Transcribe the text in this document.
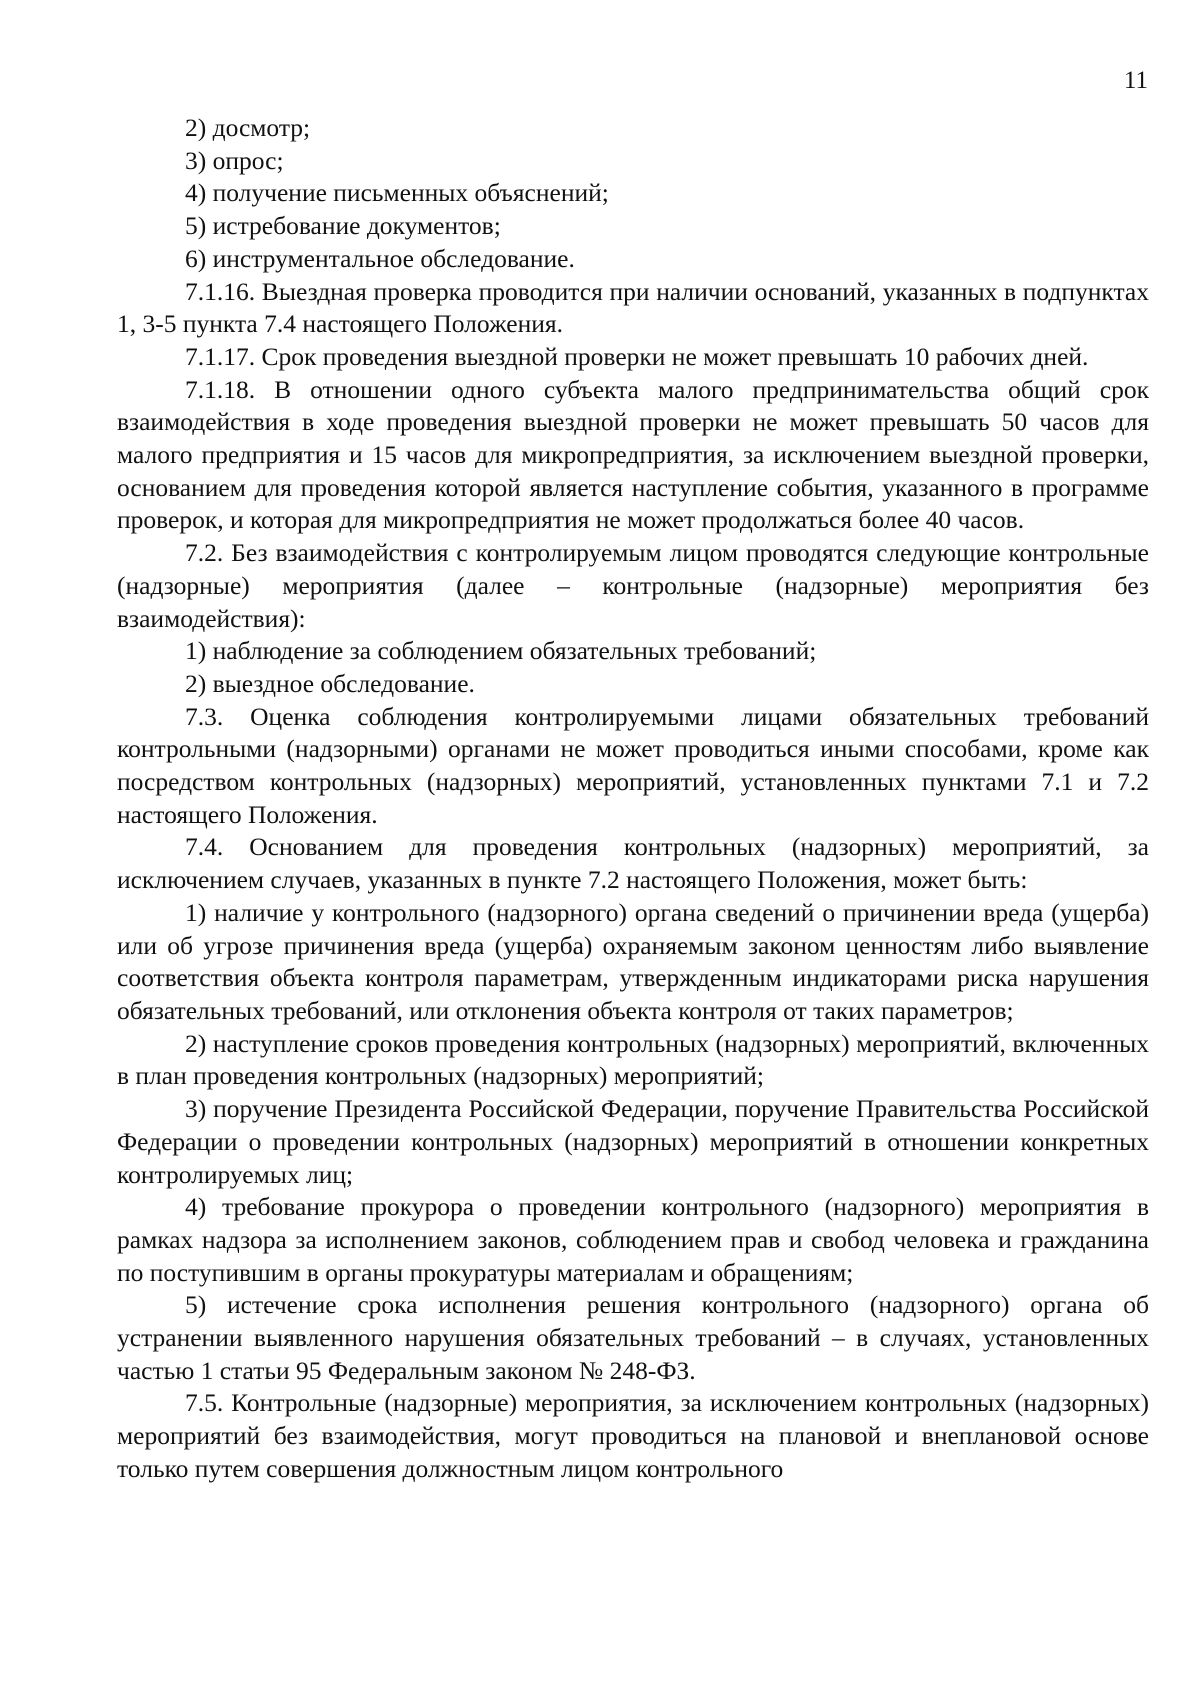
11

2) досмотр;

3) опрос;

4) получение письменных объяснений;

5) истребование документов;

6) инструментальное обследование.

7.1.16. Выездная проверка проводится при наличии оснований, указанных в подпунктах 1, 3-5 пункта 7.4 настоящего Положения.

7.1.17. Срок проведения выездной проверки не может превышать 10 рабочих дней.

7.1.18. В отношении одного субъекта малого предпринимательства общий срок взаимодействия в ходе проведения выездной проверки не может превышать 50 часов для малого предприятия и 15 часов для микропредприятия, за исключением выездной проверки, основанием для проведения которой является наступление события, указанного в программе проверок, и которая для микропредприятия не может продолжаться более 40 часов.

7.2. Без взаимодействия с контролируемым лицом проводятся следующие контрольные (надзорные) мероприятия (далее – контрольные (надзорные) мероприятия без взаимодействия):

1) наблюдение за соблюдением обязательных требований;

2) выездное обследование.

7.3. Оценка соблюдения контролируемыми лицами обязательных требований контрольными (надзорными) органами не может проводиться иными способами, кроме как посредством контрольных (надзорных) мероприятий, установленных пунктами 7.1 и 7.2 настоящего Положения.

7.4. Основанием для проведения контрольных (надзорных) мероприятий, за исключением случаев, указанных в пункте 7.2 настоящего Положения, может быть:

1) наличие у контрольного (надзорного) органа сведений о причинении вреда (ущерба) или об угрозе причинения вреда (ущерба) охраняемым законом ценностям либо выявление соответствия объекта контроля параметрам, утвержденным индикаторами риска нарушения обязательных требований, или отклонения объекта контроля от таких параметров;

2) наступление сроков проведения контрольных (надзорных) мероприятий, включенных в план проведения контрольных (надзорных) мероприятий;

3) поручение Президента Российской Федерации, поручение Правительства Российской Федерации о проведении контрольных (надзорных) мероприятий в отношении конкретных контролируемых лиц;

4) требование прокурора о проведении контрольного (надзорного) мероприятия в рамках надзора за исполнением законов, соблюдением прав и свобод человека и гражданина по поступившим в органы прокуратуры материалам и обращениям;

5) истечение срока исполнения решения контрольного (надзорного) органа об устранении выявленного нарушения обязательных требований – в случаях, установленных частью 1 статьи 95 Федеральным законом № 248-ФЗ.

7.5. Контрольные (надзорные) мероприятия, за исключением контрольных (надзорных) мероприятий без взаимодействия, могут проводиться на плановой и внеплановой основе только путем совершения должностным лицом контрольного
